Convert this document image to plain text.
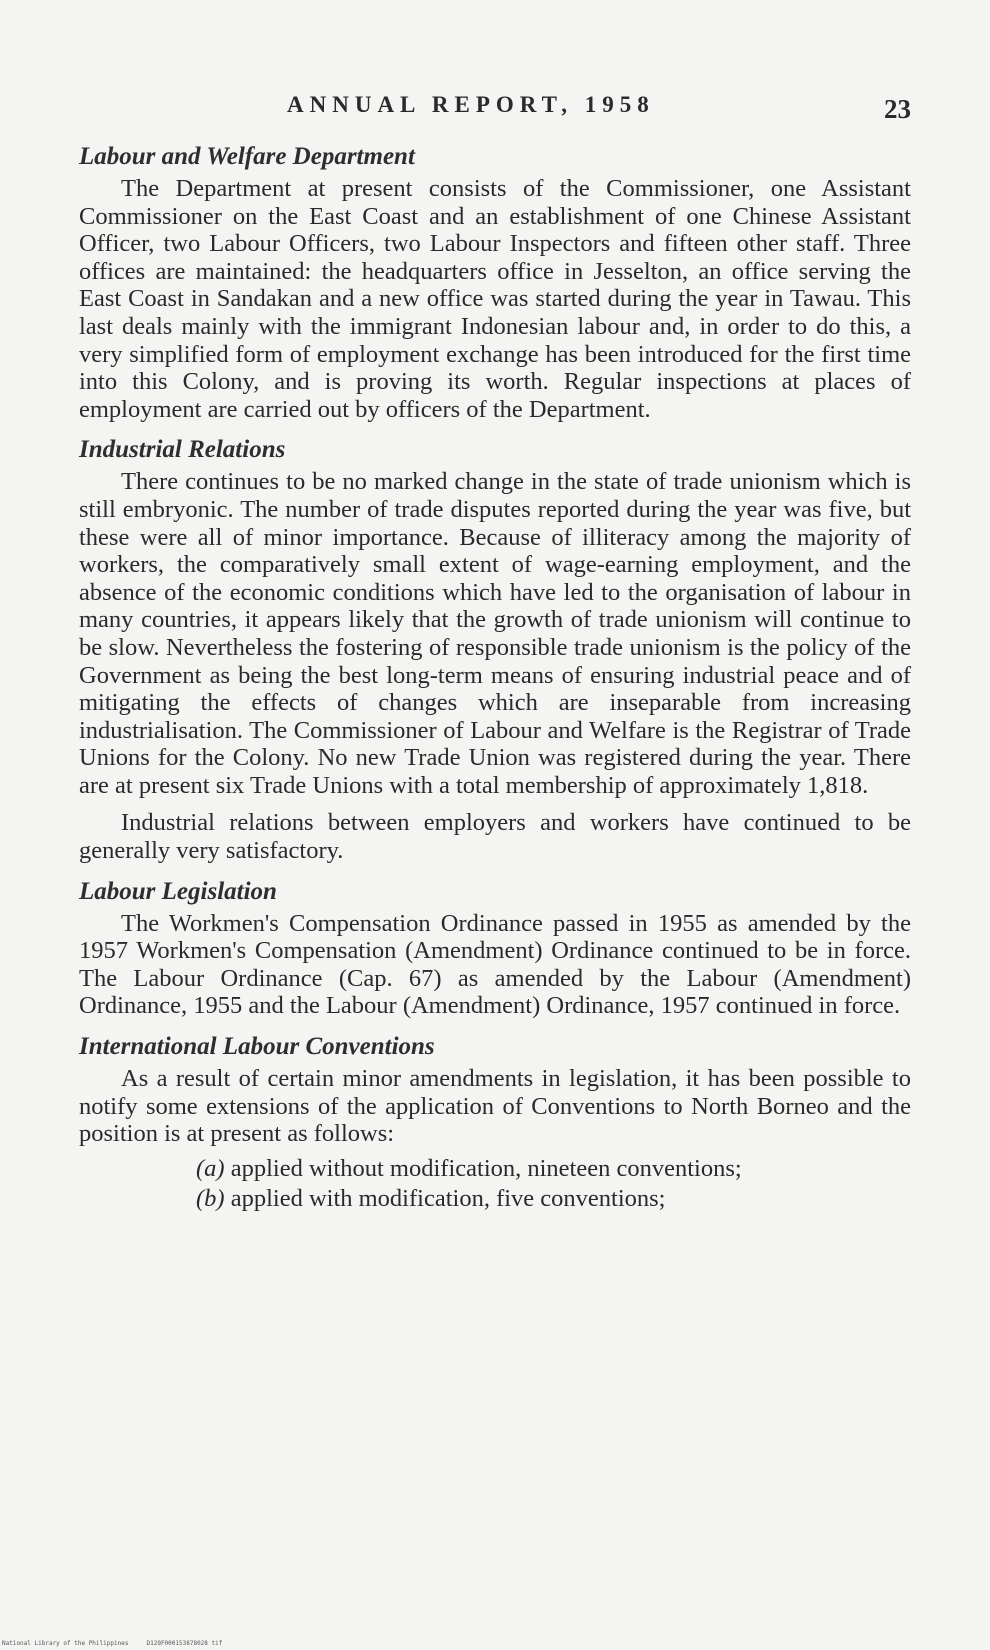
ANNUAL REPORT, 1958	23
Labour and Welfare Department

The Department at present consists of the Commissioner, one Assistant Commissioner on the East Coast and an establishment of one Chinese Assistant Officer, two Labour Officers, two Labour Inspectors and fifteen other staff. Three offices are maintained: the headquarters office in Jesselton, an office serving the East Coast in Sandakan and a new office was started during the year in Tawau. This last deals mainly with the immigrant Indonesian labour and, in order to do this, a very simplified form of employment exchange has been introduced for the first time into this Colony, and is proving its worth. Regular inspections at places of employment are carried out by officers of the Department.

Industrial Relations

There continues to be no marked change in the state of trade unionism which is still embryonic. The number of trade disputes reported during the year was five, but these were all of minor importance. Because of illiteracy among the majority of workers, the comparatively small extent of wage-earning employment, and the absence of the economic conditions which have led to the organisation of labour in many countries, it appears likely that the growth of trade unionism will continue to be slow. Nevertheless the fostering of responsible trade unionism is the policy of the Government as being the best long-term means of ensuring industrial peace and of mitigating the effects of changes which are inseparable from increasing industrialisation. The Commissioner of Labour and Welfare is the Registrar of Trade Unions for the Colony. No new Trade Union was registered during the year. There are at present six Trade Unions with a total membership of approximately 1,818.

Industrial relations between employers and workers have continued to be generally very satisfactory.

Labour Legislation

The Workmen's Compensation Ordinance passed in 1955 as amended by the 1957 Workmen's Compensation (Amendment) Ordinance continued to be in force. The Labour Ordinance (Cap. 67) as amended by the Labour (Amendment) Ordinance, 1955 and the Labour (Amendment) Ordinance, 1957 continued in force.

International Labour Conventions

As a result of certain minor amendments in legislation, it has been possible to notify some extensions of the application of Conventions to North Borneo and the position is at present as follows:

(a) applied without modification, nineteen conventions;
(b) applied with modification, five conventions;
National Library of the Philippines     D129F000153878028 tif
